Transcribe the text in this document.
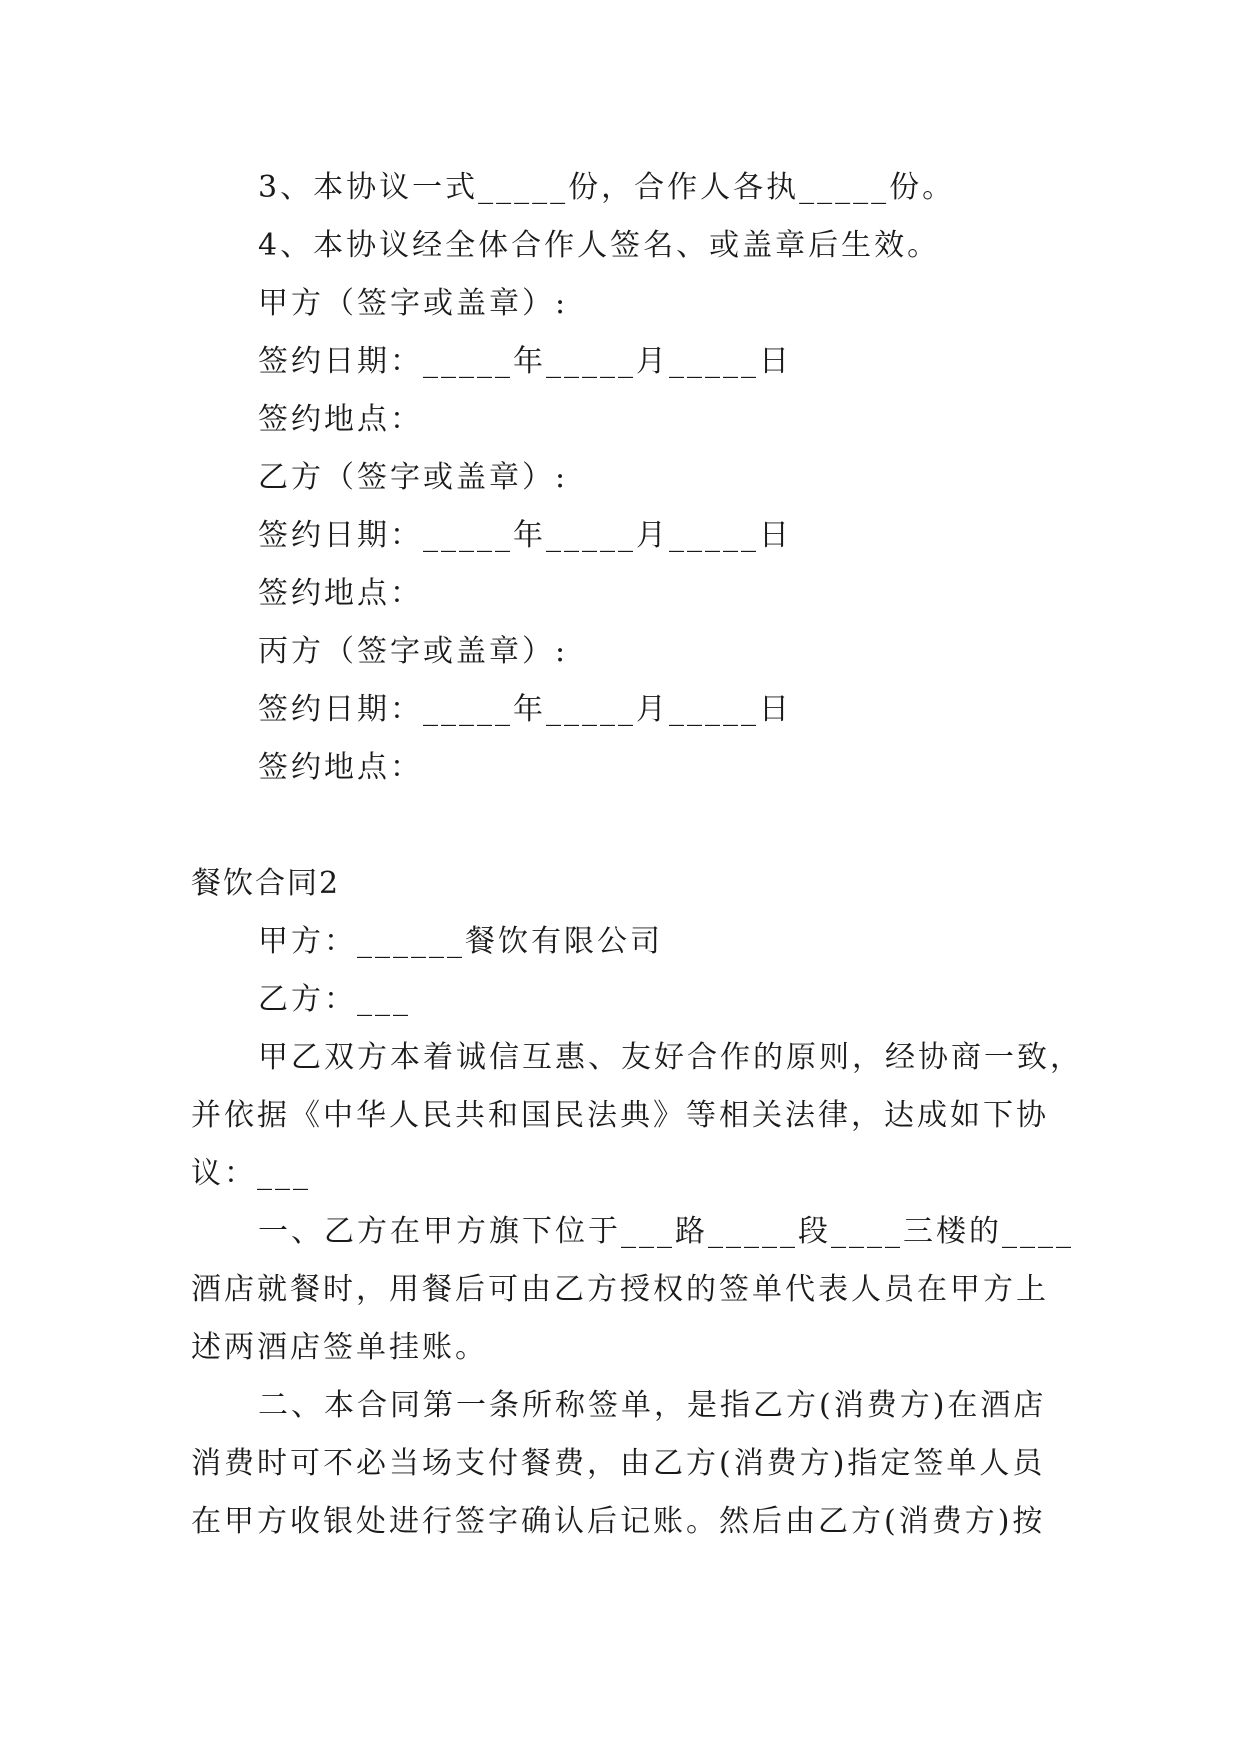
3、本协议一式_____份，合作人各执_____份。
4、本协议经全体合作人签名、或盖章后生效。
甲方（签字或盖章）:
签约日期：_____年_____月_____日
签约地点：
乙方（签字或盖章）:
签约日期：_____年_____月_____日
签约地点：
丙方（签字或盖章）:
签约日期：_____年_____月_____日
签约地点：
餐饮合同2
甲方：______餐饮有限公司
乙方：___
甲乙双方本着诚信互惠、友好合作的原则，经协商一致，
并依据《中华人民共和国民法典》等相关法律，达成如下协
议：___
一、乙方在甲方旗下位于___路_____段____三楼的____
酒店就餐时，用餐后可由乙方授权的签单代表人员在甲方上
述两酒店签单挂账。
二、本合同第一条所称签单，是指乙方(消费方)在酒店
消费时可不必当场支付餐费，由乙方(消费方)指定签单人员
在甲方收银处进行签字确认后记账。然后由乙方(消费方)按
